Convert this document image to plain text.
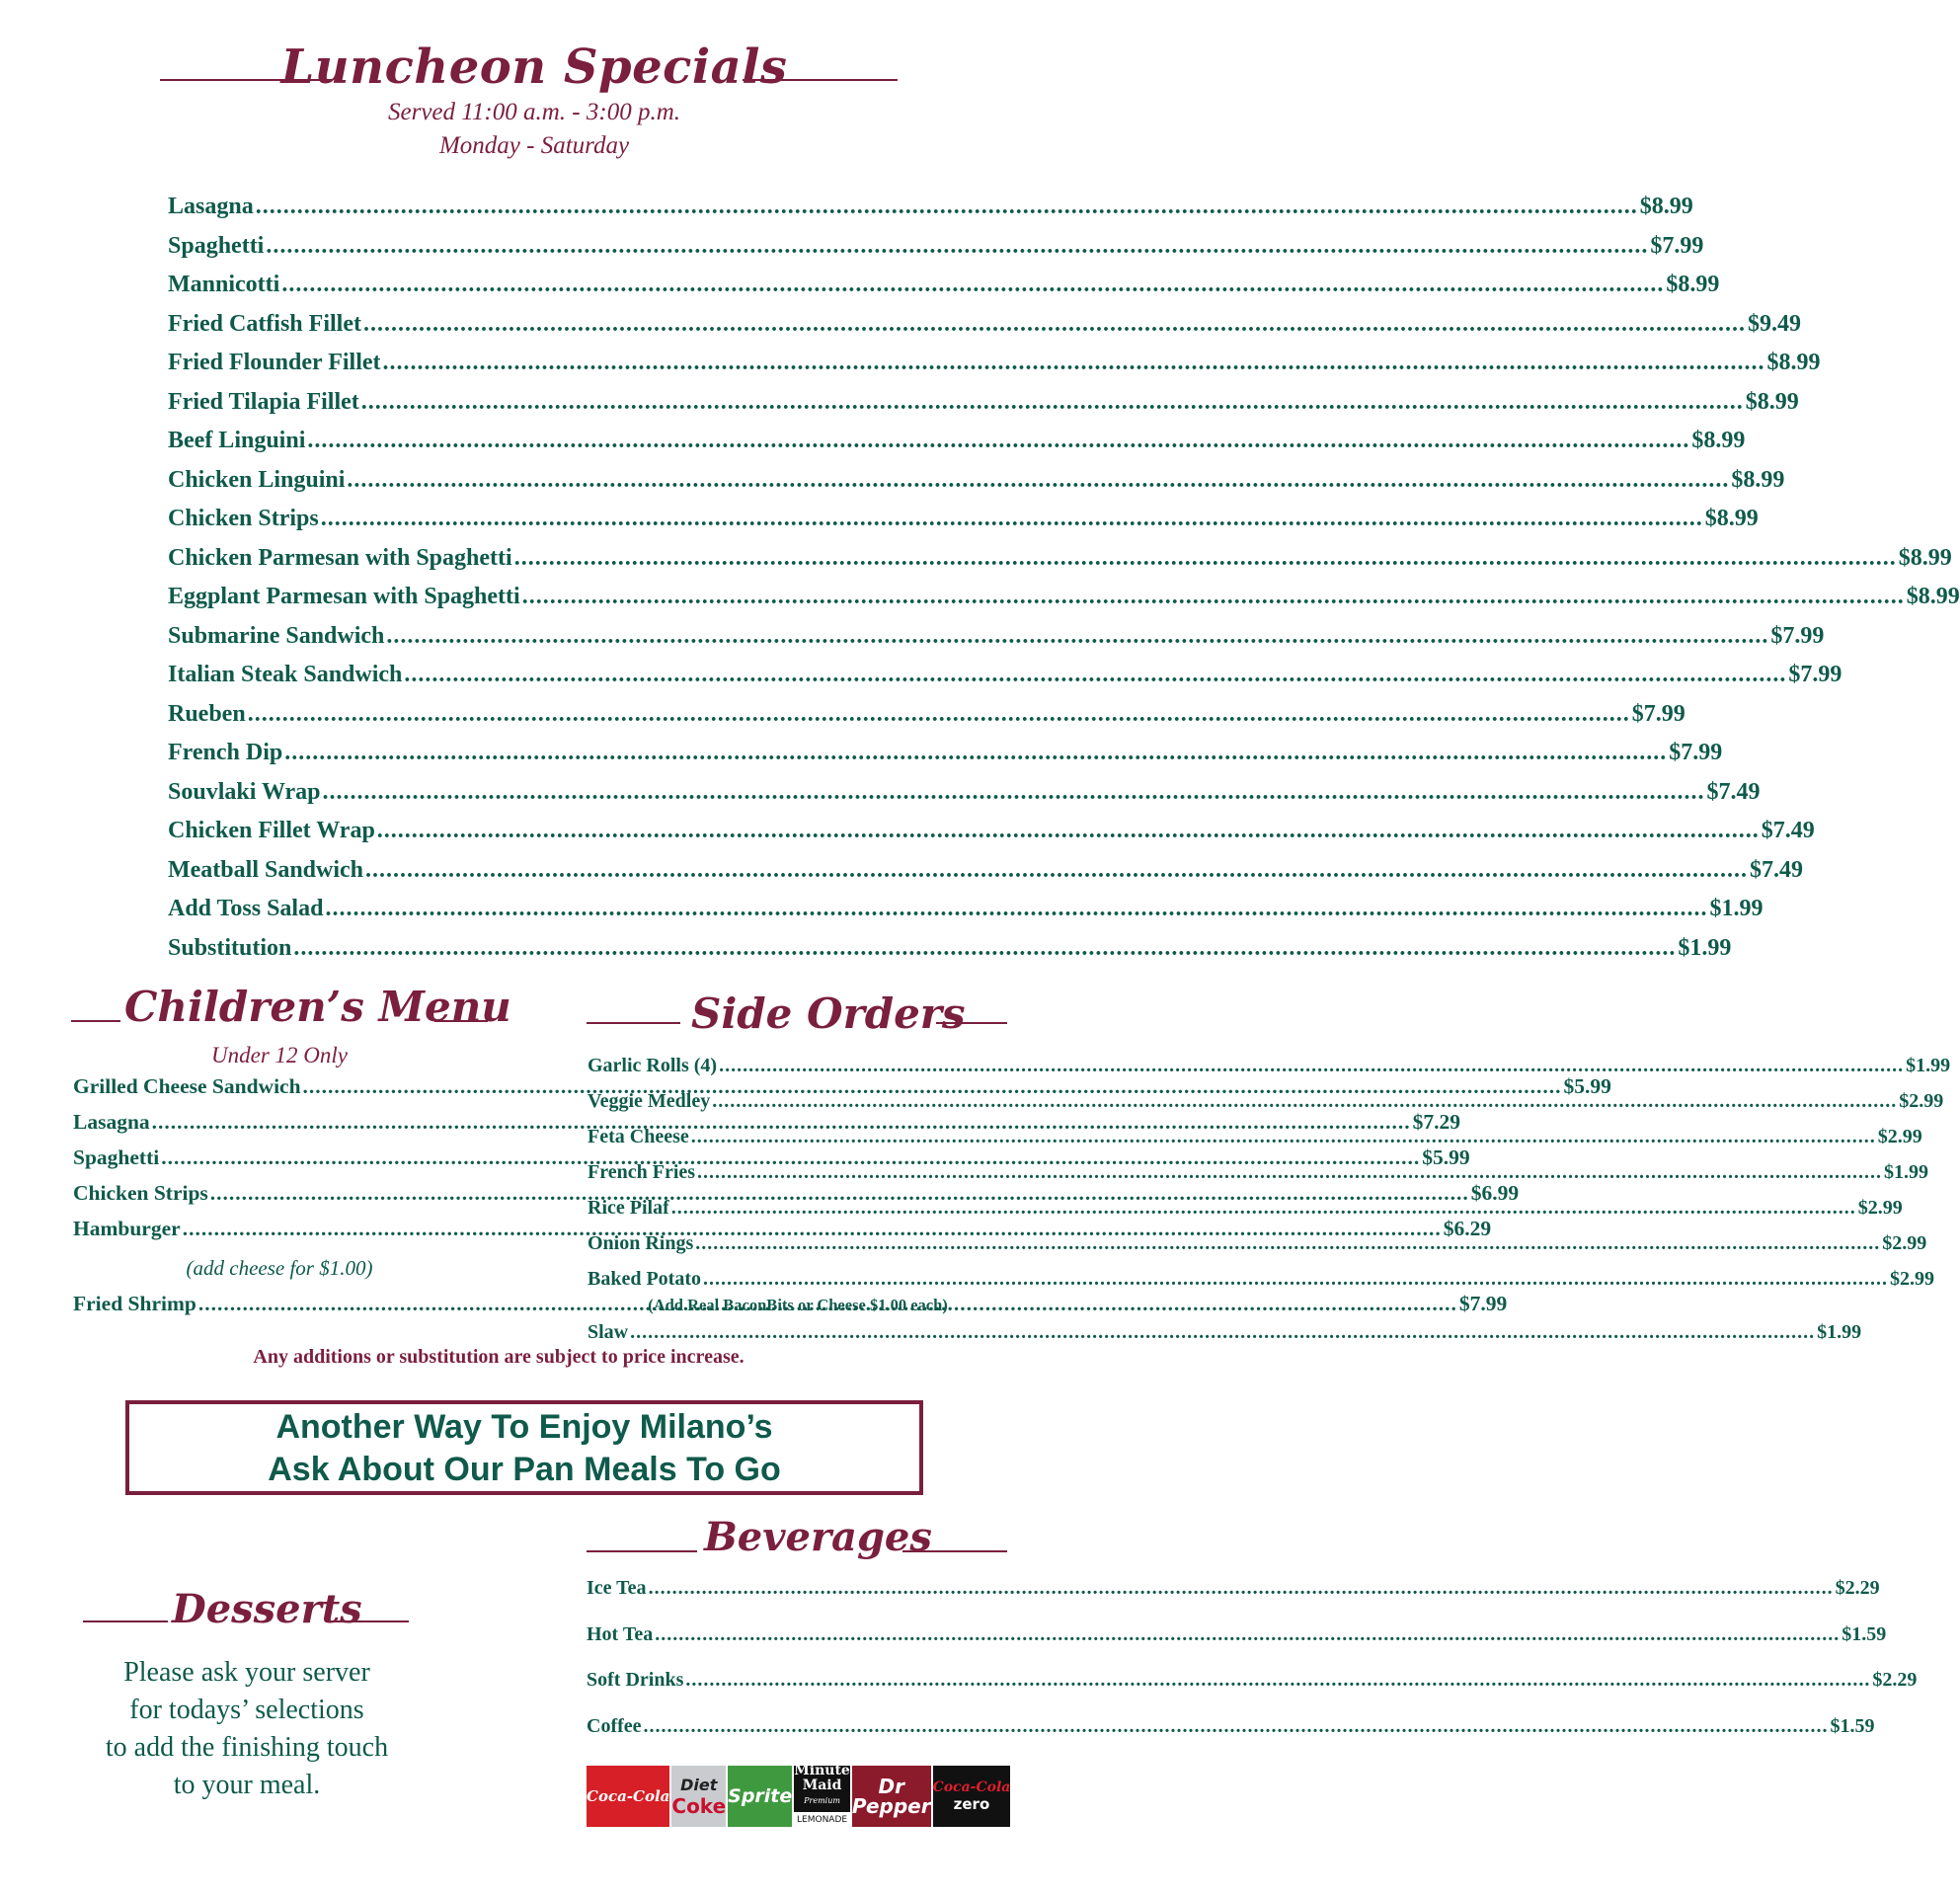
Luncheon Specials
Served 11:00 a.m. - 3:00 p.m.
Monday - Saturday
Lasagna .....	$8.99
Spaghetti .....	$7.99
Mannicotti .....	$8.99
Fried Catfish Fillet .....	$9.49
Fried Flounder Fillet .....	$8.99
Fried Tilapia Fillet .....	$8.99
Beef Linguini .....	$8.99
Chicken Linguini .....	$8.99
Chicken Strips .....	$8.99
Chicken Parmesan with Spaghetti .....	$8.99
Eggplant Parmesan with Spaghetti .....	$8.99
Submarine Sandwich .....	$7.99
Italian Steak Sandwich .....	$7.99
Rueben .....	$7.99
French Dip .....	$7.99
Souvlaki Wrap .....	$7.49
Chicken Fillet Wrap .....	$7.49
Meatball Sandwich .....	$7.49
Add Toss Salad .....	$1.99
Substitution .....	$1.99
Children’s Menu
Under 12 Only
Grilled Cheese Sandwich .....	$5.99
Lasagna .....	$7.29
Spaghetti .....	$5.99
Chicken Strips .....	$6.99
Hamburger .....	$6.29
Fried Shrimp .....	$7.99
(add cheese for $1.00)
Side Orders
Garlic Rolls (4) .....	$1.99
Veggie Medley .....	$2.99
Feta Cheese .....	$2.99
French Fries .....	$1.99
Rice Pilaf .....	$2.99
Onion Rings .....	$2.99
Baked Potato .....	$2.99
Slaw .....	$1.99
(Add Real BaconBits or Cheese $1.00 each)
Any additions or substitution are subject to price increase.
Another Way To Enjoy Milano’s
Ask About Our Pan Meals To Go
Desserts
Please ask your server
for todays’ selections
to add the finishing touch
to your meal.
Beverages
Ice Tea .....	$2.29
Hot Tea .....	$1.59
Soft Drinks .....	$2.29
Coffee .....	$1.59
Coca-Cola
Diet
Coke Sprite
Minute
Maid
Premium
LEMONADE
Dr
Pepper
Coca-Cola
zero
